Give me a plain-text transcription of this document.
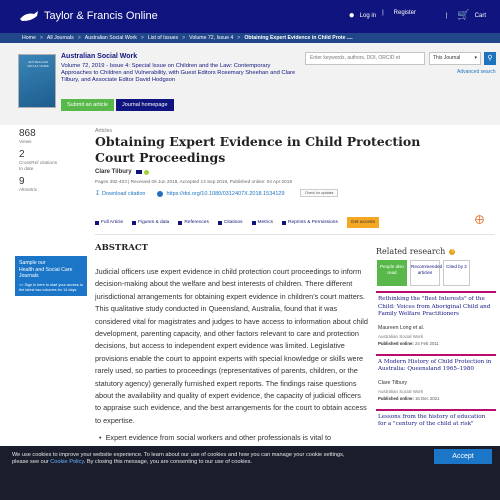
Taylor & Francis Online	● Log in | Register	| 🛒 Cart
Home > All Journals > Australian Social Work > List of Issues > Volume 72, Issue 4 > Obtaining Expert Evidence in Child Prote ....
AUSTRALIAN SOCIAL WORK
Australian Social Work
Volume 72, 2019 - Issue 4: Special Issue on Children and the Law: Contemporary Approaches to Children and Vulnerability, with Guest Editors Rosemary Sheehan and Clare Tilbury, and Associate Editor David Hodgson
Submit an article	Journal homepage
Enter keywords, authors, DOI, ORCID et	This Journal	▾	⚲
Advanced search
868
Views
2
CrossRef citations to date
9
Altmetric
Articles
Obtaining Expert Evidence in Child Protection Court Proceedings
Clare Tilbury
Pages 392-403 | Received 06 Jun 2018, Accepted 13 Sep 2018, Published online: 04 Apr 2019
↧ Download citation	https://doi.org/10.1080/0312407X.2018.1534129	Check for updates
Full Article	Figures & data	References	Citations	Metrics	Reprints & Permissions	Get access	⨁
Sample our
Health and Social Care
Journals
>> Sign in here to start your access to the latest two volumes for 14 days
ABSTRACT
Judicial officers use expert evidence in child protection court proceedings to inform decision-making about the welfare and best interests of children. There different jurisdictional arrangements for obtaining expert evidence in children's court matters. This qualitative study conducted in Queensland, Australia, found that it was considered vital for magistrates and judges to have access to information about child development, parenting capacity, and other factors relevant to care and protection decisions, but access to independent expert evidence was limited. Legislative provisions enable the court to appoint experts with special knowledge or skills were rarely used, so parties to proceedings (representatives of parents, children, or the statutory agency) generally furnished expert reports. The findings raise questions about the availability and quality of expert evidence, the capacity of judicial officers to appraise such evidence, and the best arrangements for the court to obtain access to expertise.
• Expert evidence from social workers and other professionals is vital to
Related research	i
People also read
Recommended articles
Cited by 2
Rethinking the "Best Interests" of the Child: Voices from Aboriginal Child and Family Welfare Practitioners
Maureen Long et al.
Australian Social Work
Published online: 24 Feb 2011
A Modern History of Child Protection in Australia: Queensland 1965–1980
Clare Tilbury
Australian Social Work
Published online: 16 Dec 2021
Lessons from the history of education for a "century of the child at risk"
We use cookies to improve your website experience. To learn about our use of cookies and how you can manage your cookie settings,
please see our Cookie Policy. By closing this message, you are consenting to our use of cookies.
Accept
